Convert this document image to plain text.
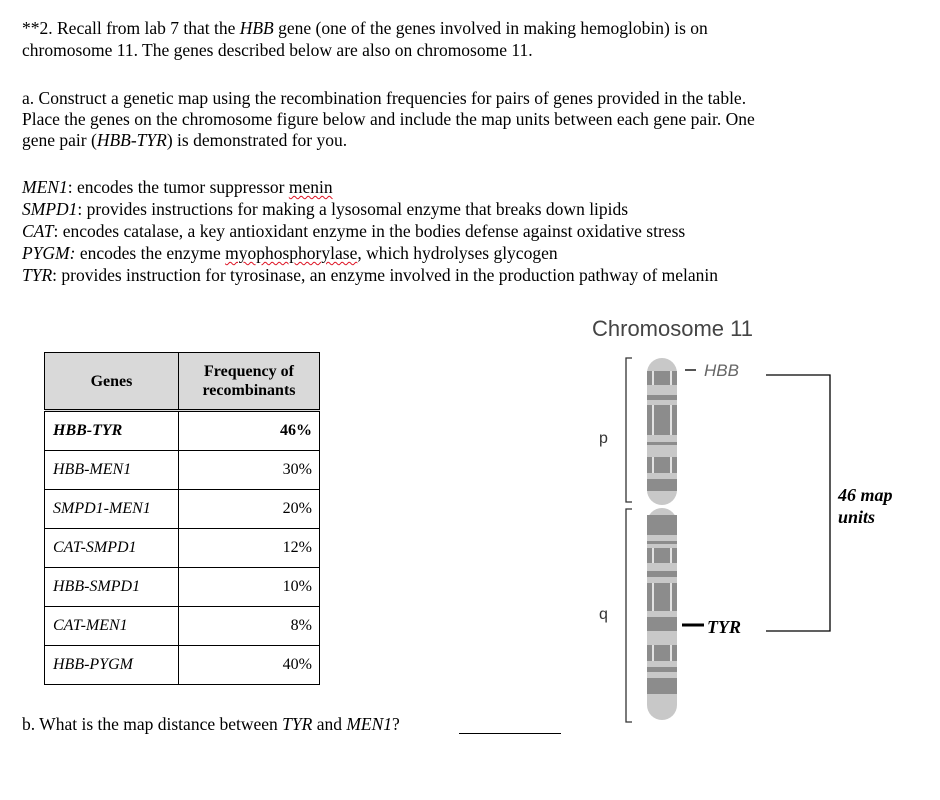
**2. Recall from lab 7 that the HBB gene (one of the genes involved in making hemoglobin) is on
chromosome 11. The genes described below are also on chromosome 11.
a. Construct a genetic map using the recombination frequencies for pairs of genes provided in the table.
Place the genes on the chromosome figure below and include the map units between each gene pair. One
gene pair (HBB-TYR) is demonstrated for you.
MEN1: encodes the tumor suppressor menin
SMPD1: provides instructions for making a lysosomal enzyme that breaks down lipids
CAT: encodes catalase, a key antioxidant enzyme in the bodies defense against oxidative stress
PYGM: encodes the enzyme myophosphorylase, which hydrolyses glycogen
TYR: provides instruction for tyrosinase, an enzyme involved in the production pathway of melanin
Genes	Frequency of recombinants
HBB-TYR	46%
HBB-MEN1	30%
SMPD1-MEN1	20%
CAT-SMPD1	12%
HBB-SMPD1	10%
CAT-MEN1	8%
HBB-PYGM	40%
b. What is the map distance between TYR and MEN1?
Chromosome 11
p
q
HBB
TYR
46 map
units
